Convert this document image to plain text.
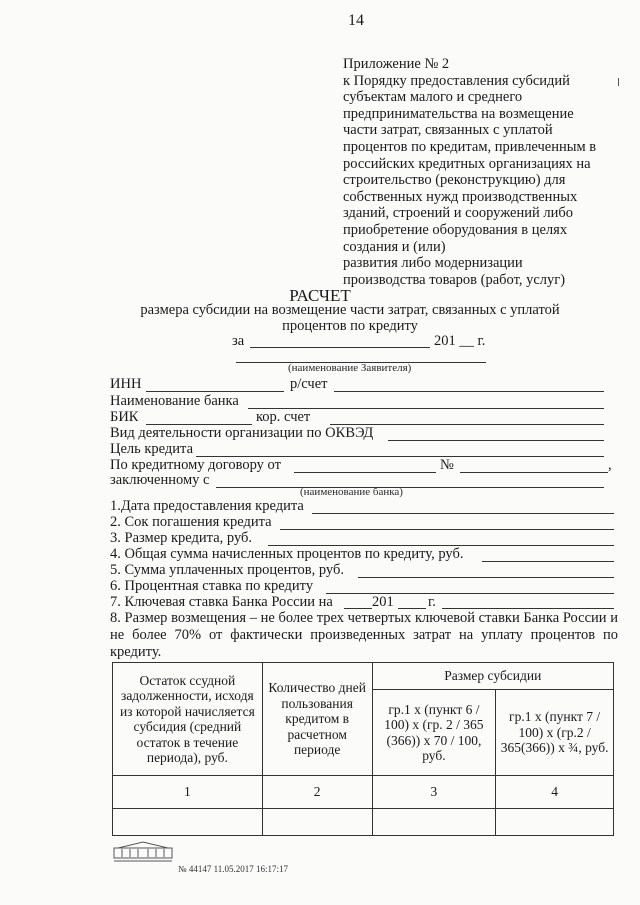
14
Приложение № 2
к Порядку предоставления субсидий
субъектам малого и среднего
предпринимательства на возмещение
части затрат, связанных с уплатой
процентов по кредитам, привлеченным в
российских кредитных организациях на
строительство (реконструкцию) для
собственных нужд производственных
зданий, строений и сооружений либо
приобретение оборудования в целях
создания и (или)
развития либо модернизации
производства товаров (работ, услуг)
РАСЧЕТ
размера субсидии на возмещение части затрат, связанных с уплатой процентов по кредиту
за	201 __ г.
(наименование Заявителя)
ИНН	р/счет
Наименование банка
БИК	кор. счет
Вид деятельности организации по ОКВЭД
Цель кредита
По кредитному договору от	№	,
заключенному с
(наименование банка)
1.Дата предоставления кредита
2. Сок погашения кредита
3. Размер кредита, руб.
4. Общая сумма начисленных процентов по кредиту, руб.
5. Сумма уплаченных процентов, руб.
6. Процентная ставка по кредиту
7. Ключевая ставка Банка России на	201 г.
8. Размер возмещения – не более трех четвертых ключевой ставки Банка России и не более 70% от фактически произведенных затрат на уплату процентов по кредиту.
Остаток ссудной задолженности, исходя из которой начисляется субсидия (средний остаток в течение периода), руб.	Количество дней пользования кредитом в расчетном периоде	Размер субсидии	
		гр.1 х (пункт 6 / 100) х (гр. 2 / 365 (366)) х 70 / 100, руб.	гр.1 х (пункт 7 / 100) х (гр.2 / 365(366)) х ¾, руб.
1	2	3	4

№ 44147 11.05.2017 16:17:17
